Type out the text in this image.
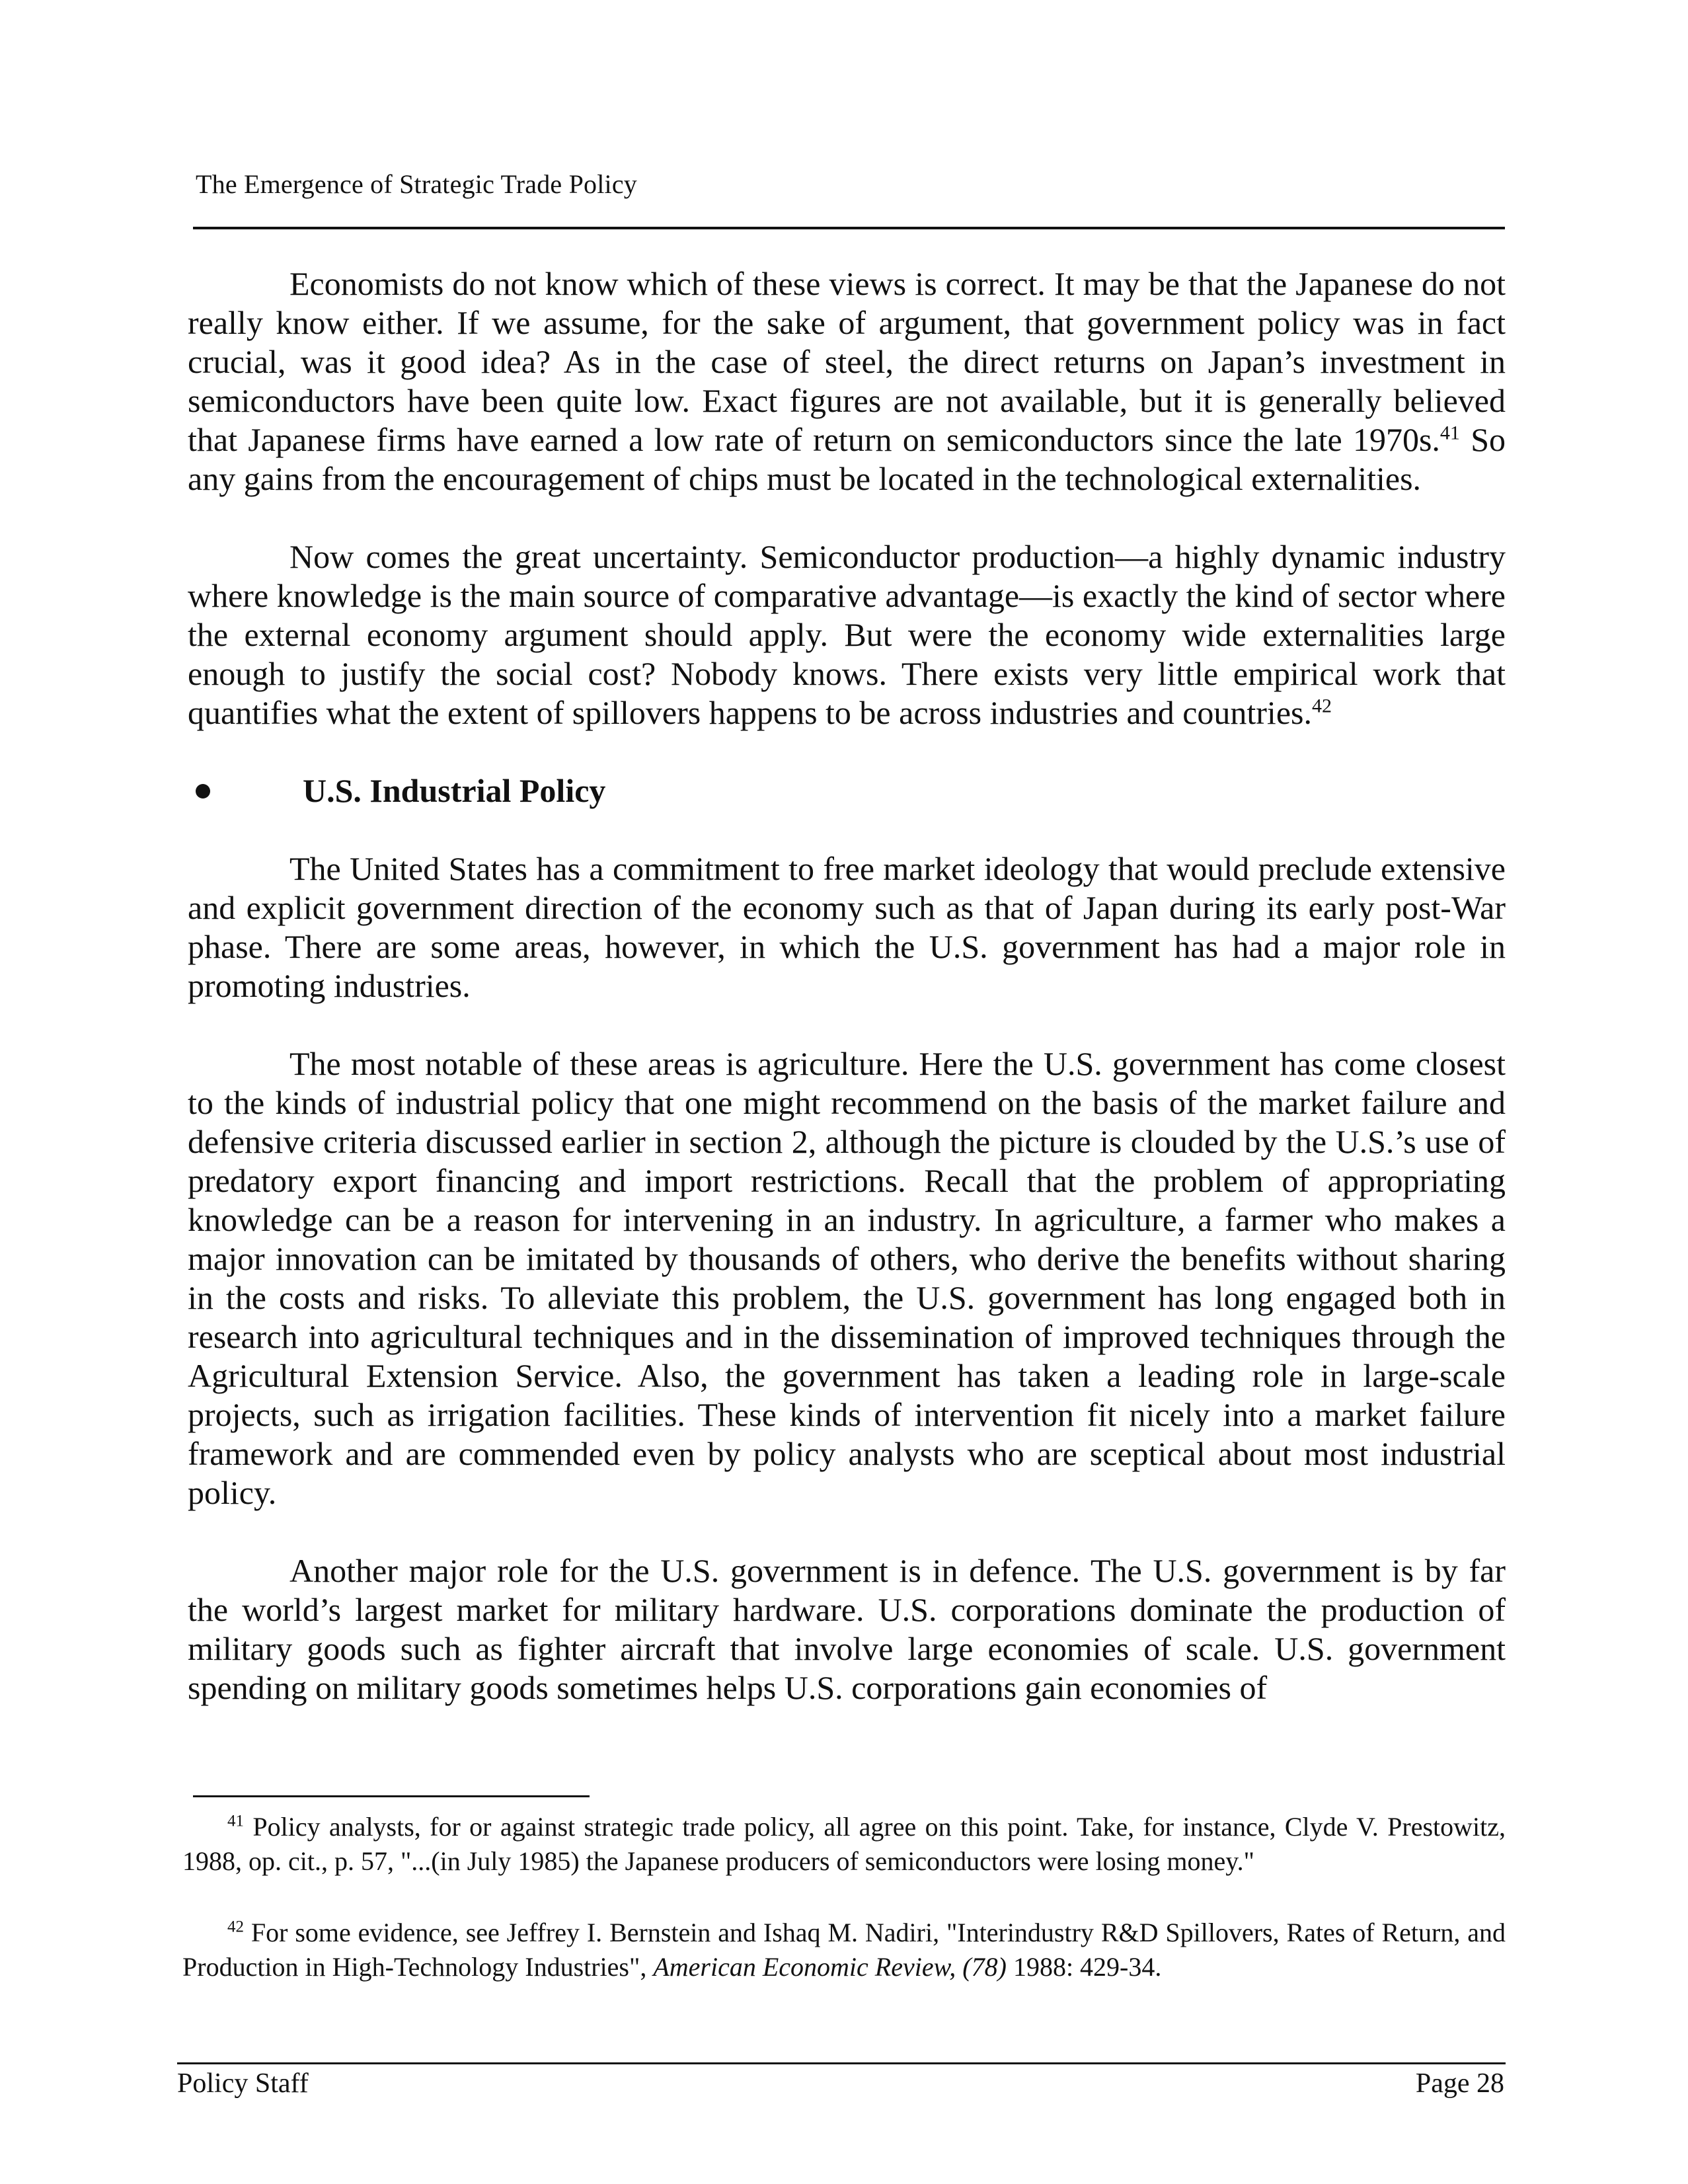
The Emergence of Strategic Trade Policy

Economists do not know which of these views is correct. It may be that the Japanese do not really know either. If we assume, for the sake of argument, that government policy was in fact crucial, was it good idea? As in the case of steel, the direct returns on Japan’s investment in semiconductors have been quite low. Exact figures are not available, but it is generally believed that Japanese firms have earned a low rate of return on semiconductors since the late 1970s.$^{41}$ So any gains from the encouragement of chips must be located in the technological externalities.

Now comes the great uncertainty. Semiconductor production—a highly dynamic industry where knowledge is the main source of comparative advantage—is exactly the kind of sector where the external economy argument should apply. But were the economy wide externalities large enough to justify the social cost? Nobody knows. There exists very little empirical work that quantifies what the extent of spillovers happens to be across industries and countries.$^{42}$

U.S. Industrial Policy

The United States has a commitment to free market ideology that would preclude extensive and explicit government direction of the economy such as that of Japan during its early post-War phase. There are some areas, however, in which the U.S. government has had a major role in promoting industries.

The most notable of these areas is agriculture. Here the U.S. government has come closest to the kinds of industrial policy that one might recommend on the basis of the market failure and defensive criteria discussed earlier in section 2, although the picture is clouded by the U.S.’s use of predatory export financing and import restrictions. Recall that the problem of appropriating knowledge can be a reason for intervening in an industry. In agriculture, a farmer who makes a major innovation can be imitated by thousands of others, who derive the benefits without sharing in the costs and risks. To alleviate this problem, the U.S. government has long engaged both in research into agricultural techniques and in the dissemination of improved techniques through the Agricultural Extension Service. Also, the government has taken a leading role in large-scale projects, such as irrigation facilities. These kinds of intervention fit nicely into a market failure framework and are commended even by policy analysts who are sceptical about most industrial policy.

Another major role for the U.S. government is in defence. The U.S. government is by far the world’s largest market for military hardware. U.S. corporations dominate the production of military goods such as fighter aircraft that involve large economies of scale. U.S. government spending on military goods sometimes helps U.S. corporations gain economies of

$^{41}$ Policy analysts, for or against strategic trade policy, all agree on this point. Take, for instance, Clyde V. Prestowitz, 1988, op. cit., p. 57, "...(in July 1985) the Japanese producers of semiconductors were losing money."

$^{42}$ For some evidence, see Jeffrey I. Bernstein and Ishaq M. Nadiri, "Interindustry R&D Spillovers, Rates of Return, and Production in High-Technology Industries", American Economic Review, (78) 1988: 429-34.

Policy Staff	Page 28
